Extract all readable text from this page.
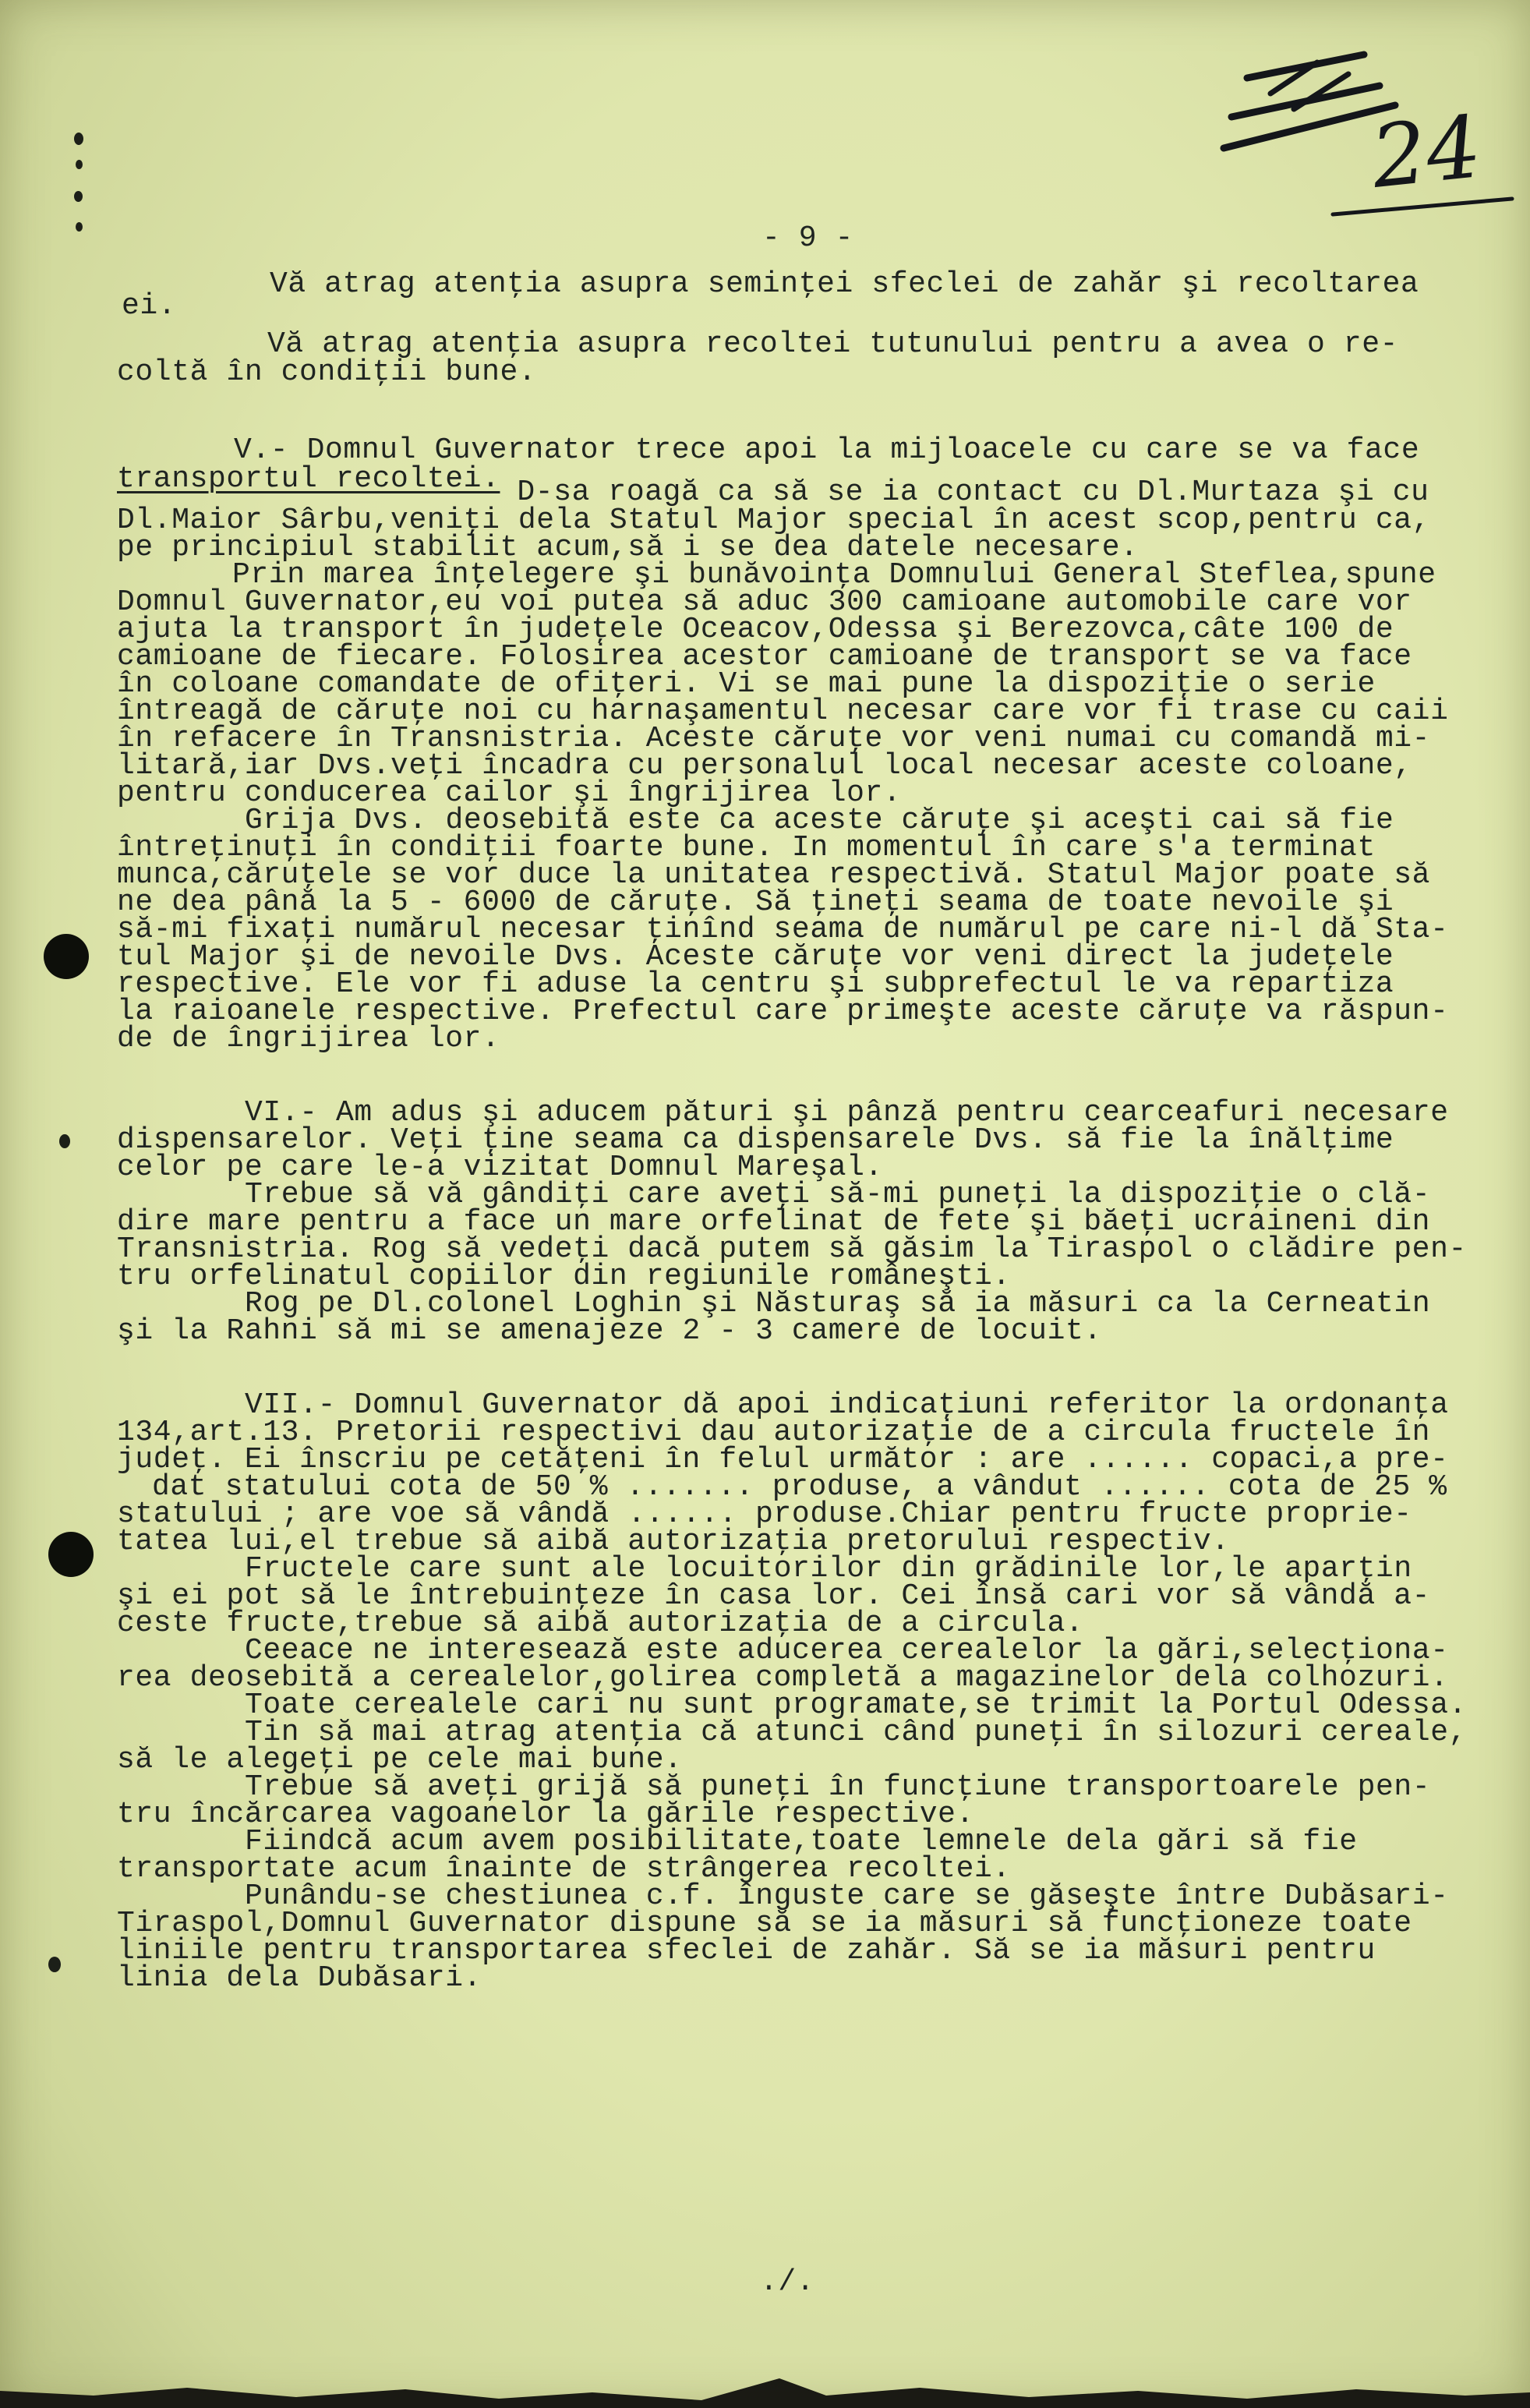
24
- 9 -
Vă atrag atenţia asupra seminţei sfeclei de zahăr şi recoltarea
ei.
Vă atrag atenţia asupra recoltei tutunului pentru a avea o re-
coltă în condiţii bune.
V.- Domnul Guvernator trece apoi la mijloacele cu care se va face
transportul recoltei.
D-sa roagă ca să se ia contact cu Dl.Murtaza şi cu
Dl.Maior Sârbu,veniţi dela Statul Major special în acest scop,pentru ca,
pe principiul stabilit acum,să i se dea datele necesare.
Prin marea înţelegere şi bunăvoinţa Domnului General Steflea,spune
Domnul Guvernator,eu voi putea să aduc 300 camioane automobile care vor
ajuta la transport în judeţele Oceacov,Odessa şi Berezovca,câte 100 de
camioane de fiecare. Folosirea acestor camioane de transport se va face
în coloane comandate de ofiţeri. Vi se mai pune la dispoziţie o serie
întreagă de căruţe noi cu harnaşamentul necesar care vor fi trase cu caii
în refacere în Transnistria. Aceste căruţe vor veni numai cu comandă mi-
litară,iar Dvs.veţi încadra cu personalul local necesar aceste coloane,
pentru conducerea cailor şi îngrijirea lor.
Grija Dvs. deosebită este ca aceste căruţe şi aceşti cai să fie
întreţinuţi în condiţii foarte bune. In momentul în care s'a terminat
munca,căruţele se vor duce la unitatea respectivă. Statul Major poate să
ne dea până la 5 - 6000 de căruţe. Să ţineţi seama de toate nevoile şi
să-mi fixaţi numărul necesar ţinînd seama de numărul pe care ni-l dă Sta-
tul Major şi de nevoile Dvs. Aceste căruţe vor veni direct la judeţele
respective. Ele vor fi aduse la centru şi subprefectul le va repartiza
la raioanele respective. Prefectul care primeşte aceste căruţe va răspun-
de de îngrijirea lor.
VI.- Am adus şi aducem pături şi pânză pentru cearceafuri necesare
dispensarelor. Veţi ţine seama ca dispensarele Dvs. să fie la înălţime
celor pe care le-a vizitat Domnul Mareşal.
Trebue să vă gândiţi care aveţi să-mi puneţi la dispoziţie o clă-
dire mare pentru a face un mare orfelinat de fete şi băeţi ucraineni din
Transnistria. Rog să vedeţi dacă putem să găsim la Tiraspol o clădire pen-
tru orfelinatul copiilor din regiunile româneşti.
Rog pe Dl.colonel Loghin şi Năsturaş să ia măsuri ca la Cerneatin
şi la Rahni să mi se amenajeze 2 - 3 camere de locuit.
VII.- Domnul Guvernator dă apoi indicaţiuni referitor la ordonanţa
134,art.13. Pretorii respectivi dau autorizaţie de a circula fructele în
judeţ. Ei înscriu pe cetăţeni în felul următor : are ...... copaci,a pre-
dat statului cota de 50 % ....... produse, a vândut ...... cota de 25 %
statului ; are voe să vândă ...... produse.Chiar pentru fructe proprie-
tatea lui,el trebue să aibă autorizaţia pretorului respectiv.
Fructele care sunt ale locuitorilor din grădinile lor,le aparţin
şi ei pot să le întrebuinţeze în casa lor. Cei însă cari vor să vândă a-
ceste fructe,trebue să aibă autorizaţia de a circula.
Ceeace ne interesează este aducerea cerealelor la gări,selecţiona-
rea deosebită a cerealelor,golirea completă a magazinelor dela colhozuri.
Toate cerealele cari nu sunt programate,se trimit la Portul Odessa.
Tin să mai atrag atenţia că atunci când puneţi în silozuri cereale,
să le alegeţi pe cele mai bune.
Trebue să aveţi grijă să puneţi în funcţiune transportoarele pen-
tru încărcarea vagoanelor la gările respective.
Fiindcă acum avem posibilitate,toate lemnele dela gări să fie
transportate acum înainte de strângerea recoltei.
Punându-se chestiunea c.f. înguste care se găseşte între Dubăsari-
Tiraspol,Domnul Guvernator dispune să se ia măsuri să funcţioneze toate
liniile pentru transportarea sfeclei de zahăr. Să se ia măsuri pentru
linia dela Dubăsari.
./.
